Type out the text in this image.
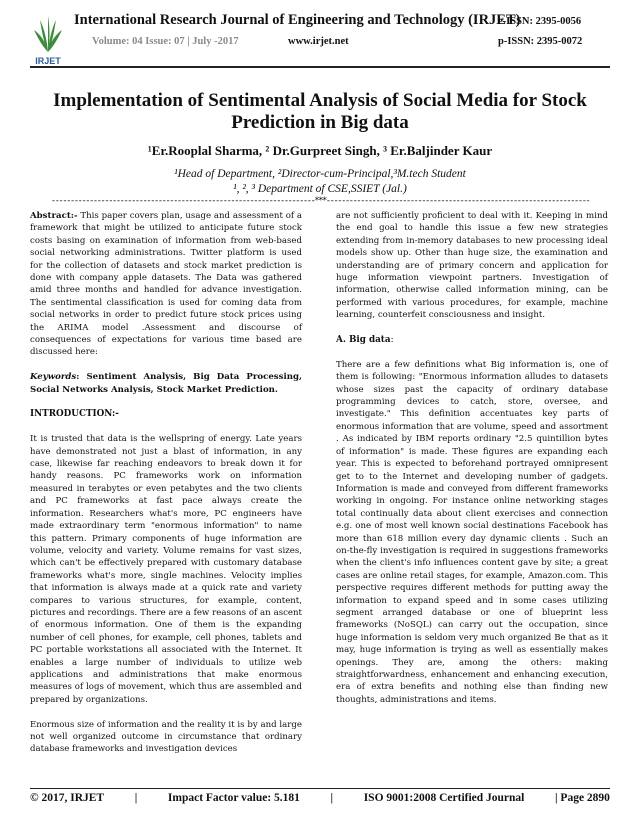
IRJET
International Research Journal of Engineering and Technology (IRJET)
Volume: 04 Issue: 07 | July -2017	www.irjet.net
e-ISSN: 2395-0056
p-ISSN: 2395-0072
Implementation of Sentimental Analysis of Social Media for Stock Prediction in Big data
¹Er.Rooplal Sharma, ² Dr.Gurpreet Singh, ³ Er.Baljinder Kaur
¹Head of Department, ²Director-cum-Principal,³M.tech Student
¹, ², ³ Department of CSE,SSIET (Jal.)
---------------------------------------------------------------------***---------------------------------------------------------------------

Abstract:- This paper covers plan, usage and assessment of a framework that might be utilized to anticipate future stock costs basing on examination of information from web-based social networking administrations. Twitter platform is used for the collection of datasets and stock market prediction is done with company apple datasets. The Data was gathered amid three months and handled for advance investigation. The sentimental classification is used for coming data from social networks in order to predict future stock prices using the ARIMA model .Assessment and discourse of consequences of expectations for various time based are discussed here:

Keywords: Sentiment Analysis, Big Data Processing, Social Networks Analysis, Stock Market Prediction.

INTRODUCTION:-

It is trusted that data is the wellspring of energy. Late years have demonstrated not just a blast of information, in any case, likewise far reaching endeavors to break down it for handy reasons. PC frameworks work on information measured in terabytes or even petabytes and the two clients and PC frameworks at fast pace always create the information. Researchers what's more, PC engineers have made extraordinary term "enormous information" to name this pattern. Primary components of huge information are volume, velocity and variety. Volume remains for vast sizes, which can't be effectively prepared with customary database frameworks what's more, single machines. Velocity implies that information is always made at a quick rate and variety compares to various structures, for example, content, pictures and recordings. There are a few reasons of an ascent of enormous information. One of them is the expanding number of cell phones, for example, cell phones, tablets and PC portable workstations all associated with the Internet. It enables a large number of individuals to utilize web applications and administrations that make enormous measures of logs of movement, which thus are assembled and prepared by organizations.

Enormous size of information and the reality it is by and large not well organized outcome in circumstance that ordinary database frameworks and investigation devices

are not sufficiently proficient to deal with it. Keeping in mind the end goal to handle this issue a few new strategies extending from in-memory databases to new processing ideal models show up. Other than huge size, the examination and understanding are of primary concern and application for huge information viewpoint partners. Investigation of information, otherwise called information mining, can be performed with various procedures, for example, machine learning, counterfeit consciousness and insight.

A. Big data:

There are a few definitions what Big information is, one of them is following: "Enormous information alludes to datasets whose sizes past the capacity of ordinary database programming devices to catch, store, oversee, and investigate." This definition accentuates key parts of enormous information that are volume, speed and assortment . As indicated by IBM reports ordinary "2.5 quintillion bytes of information" is made. These figures are expanding each year. This is expected to beforehand portrayed omnipresent get to to the Internet and developing number of gadgets. Information is made and conveyed from different frameworks working in ongoing. For instance online networking stages total continually data about client exercises and connection e.g. one of most well known social destinations Facebook has more than 618 million every day dynamic clients . Such an on-the-fly investigation is required in suggestions frameworks when the client's info influences content gave by site; a great cases are online retail stages, for example, Amazon.com. This perspective requires different methods for putting away the information to expand speed and in some cases utilizing segment arranged database or one of blueprint less frameworks (NoSQL) can carry out the occupation, since huge information is seldom very much organized Be that as it may, huge information is trying as well as essentially makes openings. They are, among the others: making straightforwardness, enhancement and enhancing execution, era of extra benefits and nothing else than finding new thoughts, administrations and items.

© 2017, IRJET	|	Impact Factor value: 5.181	|	ISO 9001:2008 Certified Journal	| Page 2890
